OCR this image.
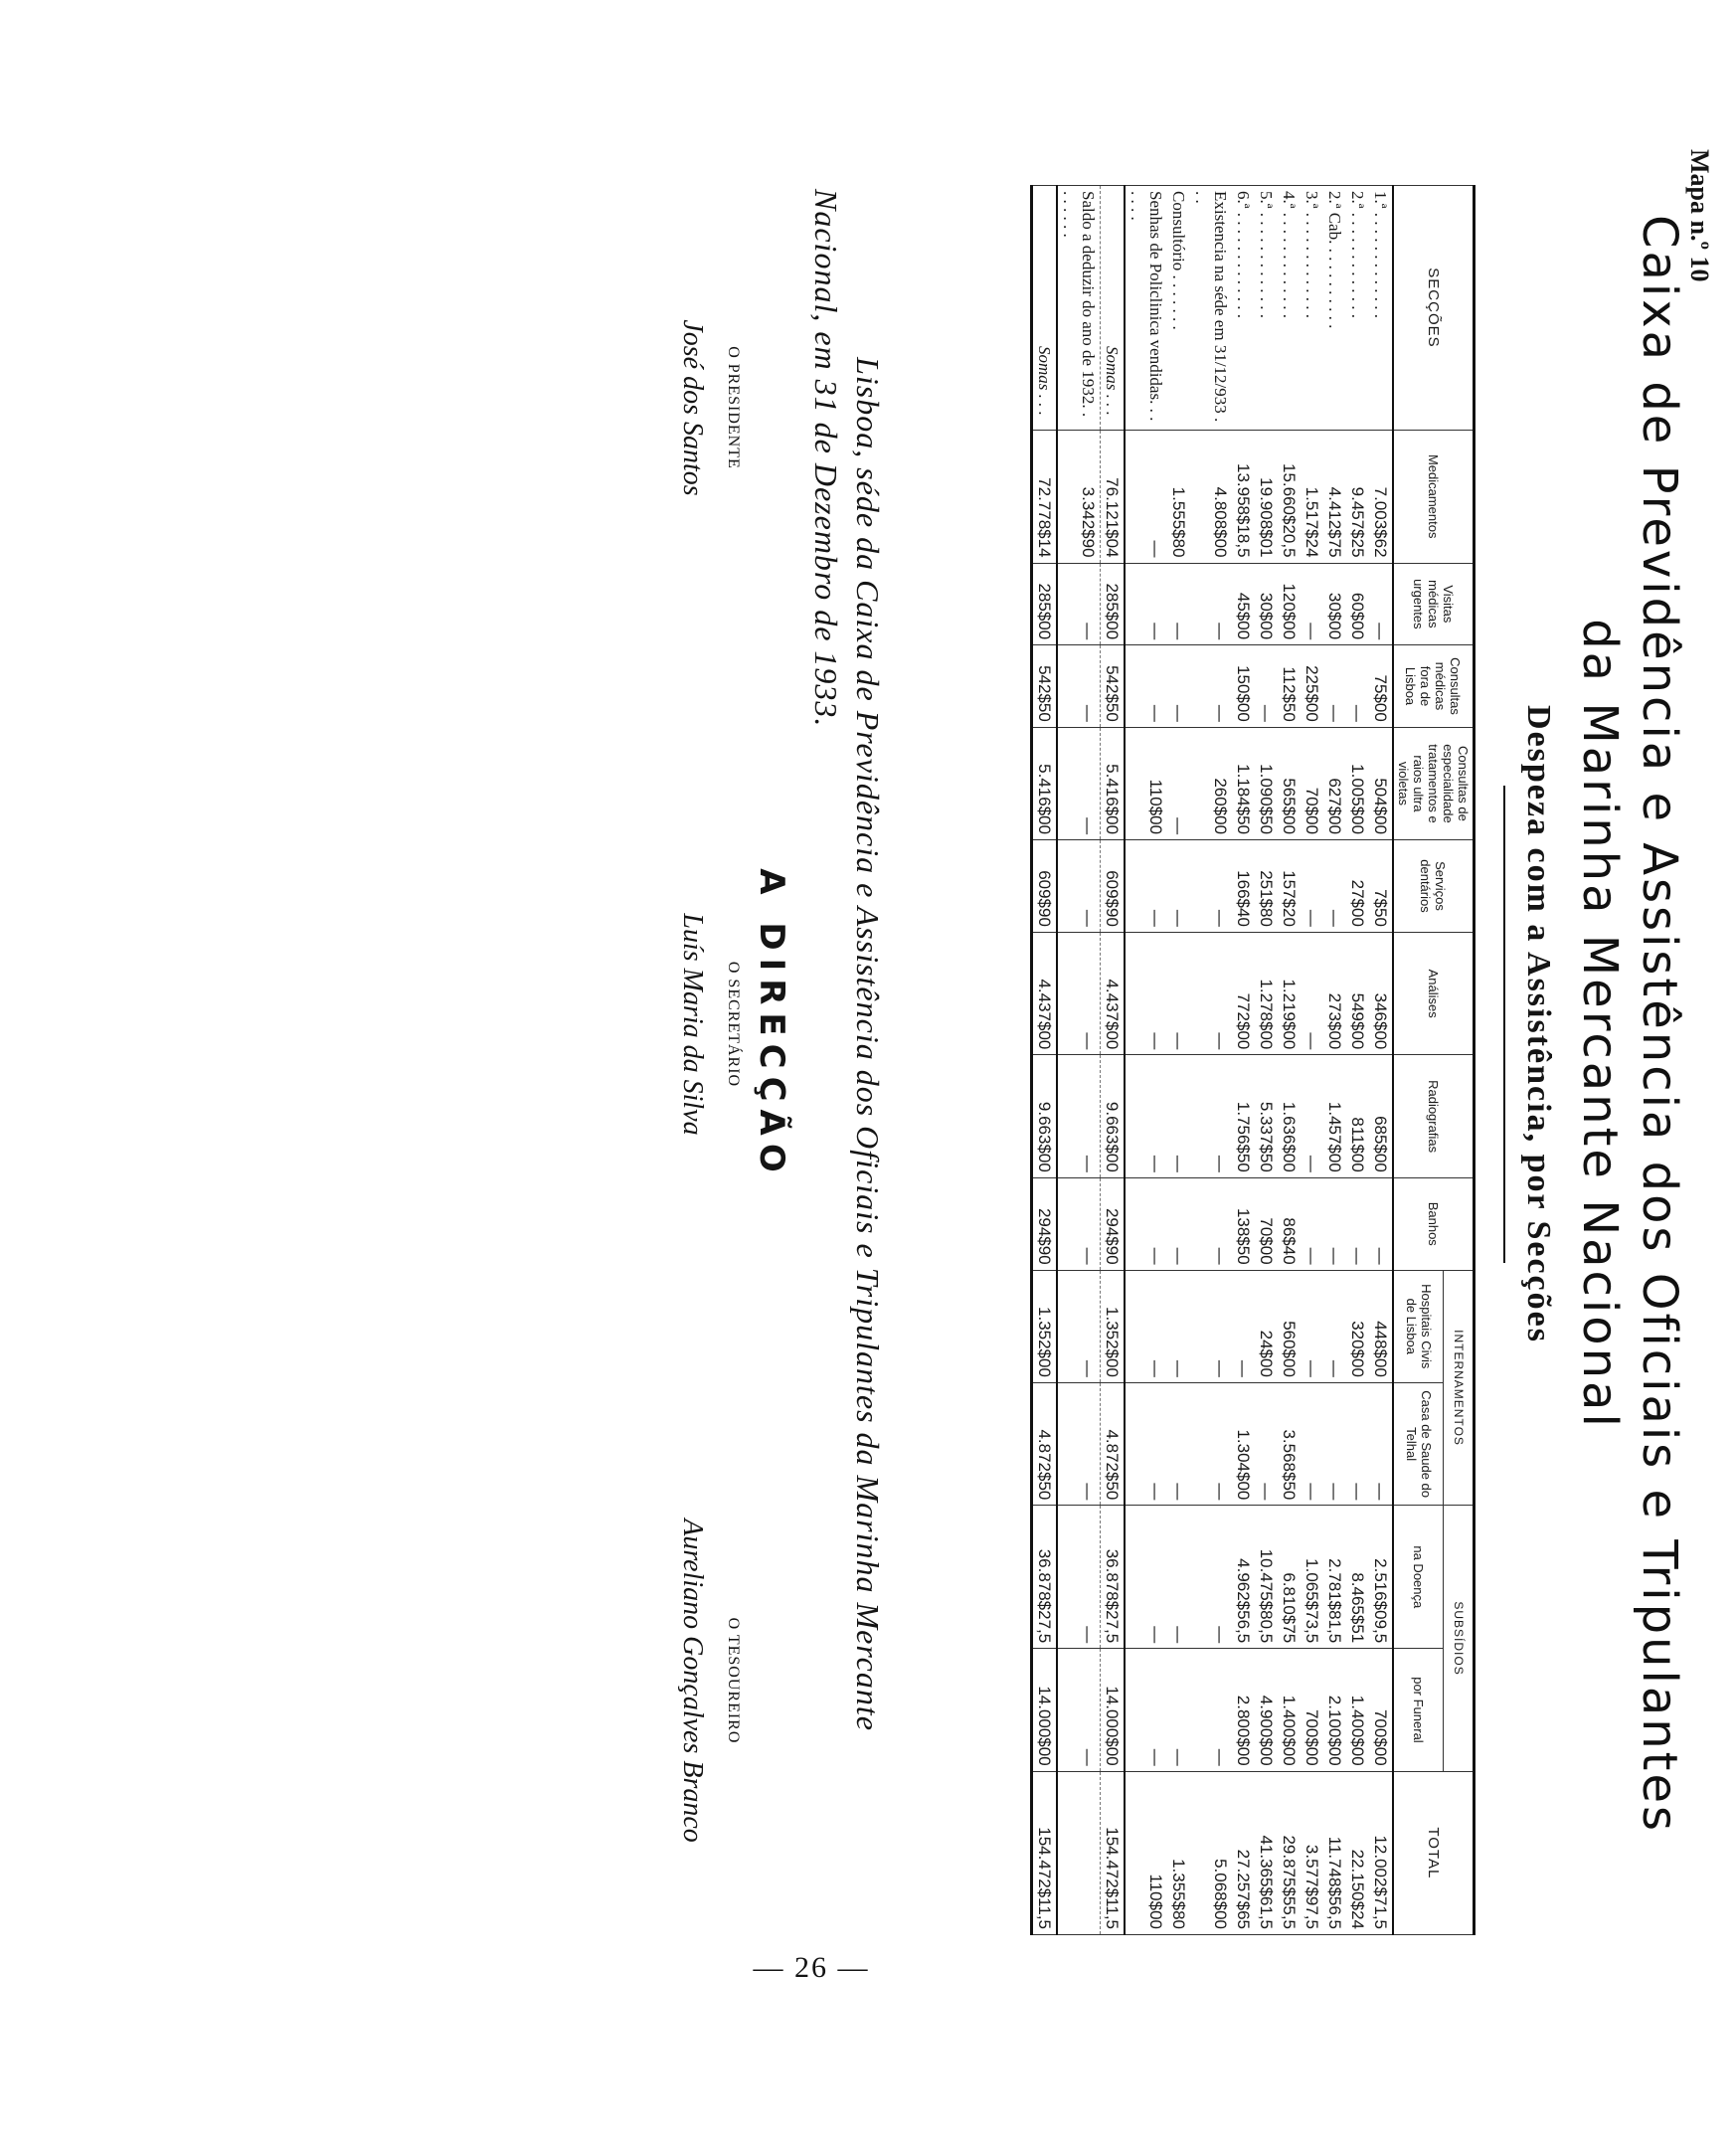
Mapa n.º 10
Caixa de Previdência e Assistência dos Oficiais e Tripulantes
da Marinha Mercante Nacional
Despeza com a Assistência, por Secções
SECÇÕES	Medicamentos	Visitas médicas urgentes	Consultas médicas fora de Lisboa	Consultas de especialidade tratamentos e raios ultra violetas	Serviços dentários	Análises	Radiografias	Banhos	INTERNAMENTOS		SUBSÍDIOS		TOTAL
									Hospitais Civis de Lisboa	Casa de Saude do Telhal	na Doença	por Funeral	
1.ª . . . . . . . . . . . . .	7.003$62	—	75$00	504$00	7$50	346$00	685$00	—	448$00	—	2.516$09,5	700$00	12.002$71,5
2.ª . . . . . . . . . . . . .	9.457$25	60$00	—	1.005$00	27$00	549$00	811$00	—	320$00	—	8.465$51	1.400$00	22.150$24
2.ª Cab. . . . . . . . . . .	4.412$75	30$00	—	627$00	—	273$00	1.457$00	—	—	—	2.781$81,5	2.100$00	11.748$56,5
3.ª . . . . . . . . . . . . .	1.517$24	—	225$00	70$00	—	—	—	—	—	—	1.065$73,5	700$00	3.577$97,5
4.ª . . . . . . . . . . . . .	15.660$20,5	120$00	112$50	565$00	157$20	1.219$00	1.636$00	86$40	560$00	3.568$50	6.810$75	1.400$00	29.875$55,5
5.ª . . . . . . . . . . . . .	19.908$01	30$00	—	1.090$50	251$80	1.278$00	5.337$50	70$00	24$00	—	10.475$80,5	4.900$00	41.365$61,5
6.ª . . . . . . . . . . . . .	13.958$18,5	45$00	150$00	1.184$50	166$40	772$00	1.756$50	138$50	—	1.304$00	4.962$56,5	2.800$00	27.257$65
Existencia na séde em 31/12/933 . . .	4.808$00	—	—	260$00	—	—	—	—	—	—	—	—	5.068$00
Consultório . . . . . . .	1.555$80	—	—	—	—	—	—	—	—	—	—	—	1.355$80
Senhas de Policlinica vendidas. . . . . . .	—	—	—	110$00	—	—	—	—	—	—	—	—	110$00
Somas . . .	76.121$04	285$00	542$50	5.416$00	609$90	4.437$00	9.663$00	294$90	1.352$00	4.872$50	36.878$27,5	14.000$00	154.472$11,5
Saldo a deduzir do ano de 1932. . . . . . . .	3.342$90	—	—	—	—	—	—	—	—	—	—	—	
Somas . . .	72.778$14	285$00	542$50	5.416$00	609$90	4.437$00	9.663$00	294$90	1.352$00	4.872$50	36.878$27,5	14.000$00	154.472$11,5
Lisboa, séde da Caixa de Previdência e Assistência dos Oficiais e Tripulantes da Marinha Mercante
Nacional, em 31 de Dezembro de 1933.
A DIRECÇÃO
O PRESIDENTE
José dos Santos
O SECRETÁRIO
Luís Maria da Silva
O TESOUREIRO
Aureliano Gonçalves Branco
— 26 —
